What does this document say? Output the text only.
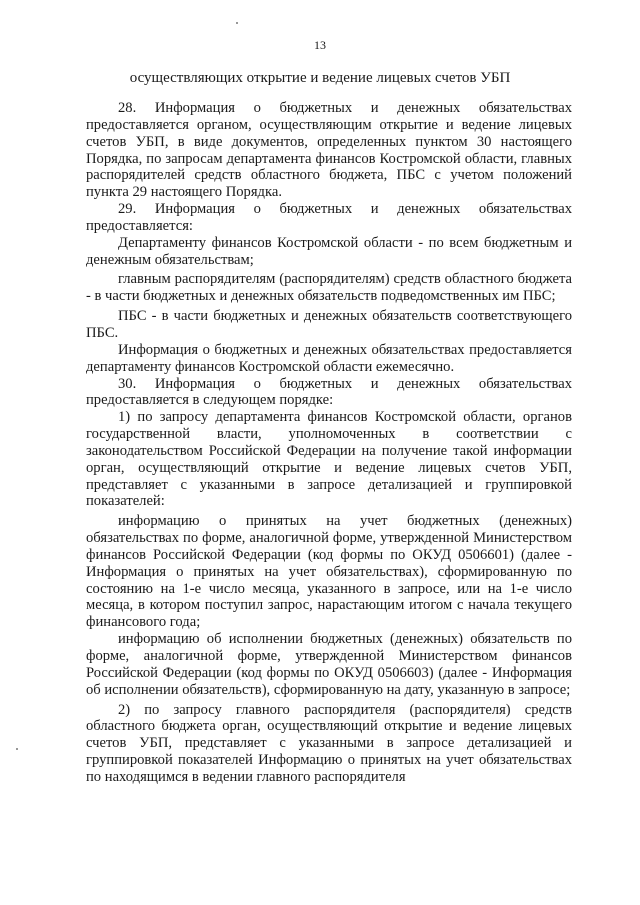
13
осуществляющих открытие и ведение лицевых счетов УБП

28. Информация о бюджетных и денежных обязательствах предоставляется органом, осуществляющим открытие и ведение лицевых счетов УБП, в виде документов, определенных пунктом 30 настоящего Порядка, по запросам департамента финансов Костромской области, главных распорядителей средств областного бюджета, ПБС с учетом положений пункта 29 настоящего Порядка.

29. Информация о бюджетных и денежных обязательствах предоставляется:

Департаменту финансов Костромской области - по всем бюджетным и денежным обязательствам;

главным распорядителям (распорядителям) средств областного бюджета - в части бюджетных и денежных обязательств подведомственных им ПБС;

ПБС - в части бюджетных и денежных обязательств соответствующего ПБС.

Информация о бюджетных и денежных обязательствах предоставляется департаменту финансов Костромской области ежемесячно.

30. Информация о бюджетных и денежных обязательствах предоставляется в следующем порядке:

1) по запросу департамента финансов Костромской области, органов государственной власти, уполномоченных в соответствии с законодательством Российской Федерации на получение такой информации орган, осуществляющий открытие и ведение лицевых счетов УБП, представляет с указанными в запросе детализацией и группировкой показателей:

информацию о принятых на учет бюджетных (денежных) обязательствах по форме, аналогичной форме, утвержденной Министерством финансов Российской Федерации (код формы по ОКУД 0506601) (далее - Информация о принятых на учет обязательствах), сформированную по состоянию на 1-е число месяца, указанного в запросе, или на 1-е число месяца, в котором поступил запрос, нарастающим итогом с начала текущего финансового года;

информацию об исполнении бюджетных (денежных) обязательств по форме, аналогичной форме, утвержденной Министерством финансов Российской Федерации (код формы по ОКУД 0506603) (далее - Информация об исполнении обязательств), сформированную на дату, указанную в запросе;

2) по запросу главного распорядителя (распорядителя) средств областного бюджета орган, осуществляющий открытие и ведение лицевых счетов УБП, представляет с указанными в запросе детализацией и группировкой показателей Информацию о принятых на учет обязательствах по находящимся в ведении главного распорядителя
